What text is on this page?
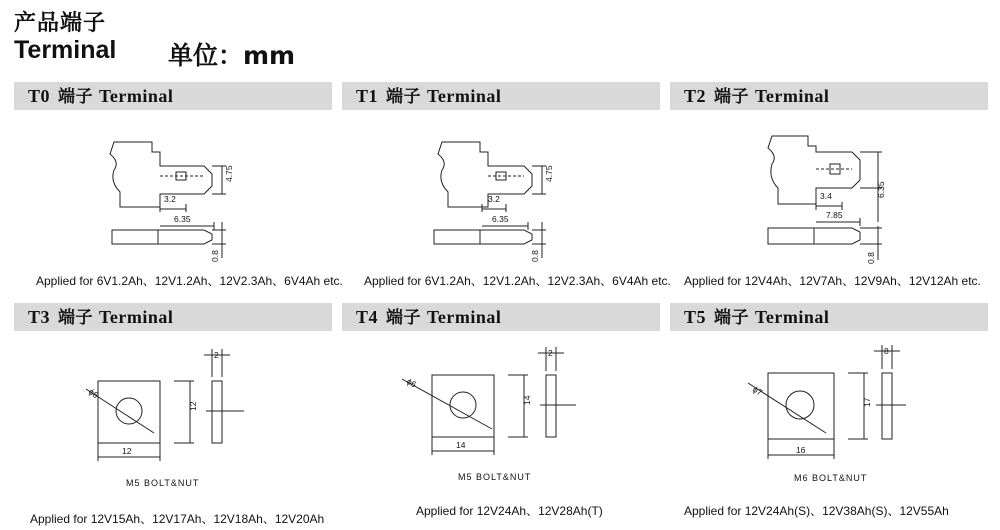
产品端子
Terminal 单位：mm
T0 端子 Terminal
4.75
3.2
6.35
0.8
Applied for 6V1.2Ah、12V1.2Ah、12V2.3Ah、6V4Ah etc.
T1 端子 Terminal
4.75
3.2
6.35
0.8
Applied for 6V1.2Ah、12V1.2Ah、12V2.3Ah、6V4Ah etc.
T2 端子 Terminal
6.35
3.4
7.85
0.8
Applied for 12V4Ah、12V7Ah、12V9Ah、12V12Ah etc.
T3 端子 Terminal
ϕ6
12
12
2
M5 BOLT&NUT
Applied for 12V15Ah、12V17Ah、12V18Ah、12V20Ah
T4 端子 Terminal
ϕ6
14
14
2
M5 BOLT&NUT
Applied for 12V24Ah、12V28Ah(T)
T5 端子 Terminal
ϕ7
16
17
8
M6 BOLT&NUT
Applied for 12V24Ah(S)、12V38Ah(S)、12V55Ah
